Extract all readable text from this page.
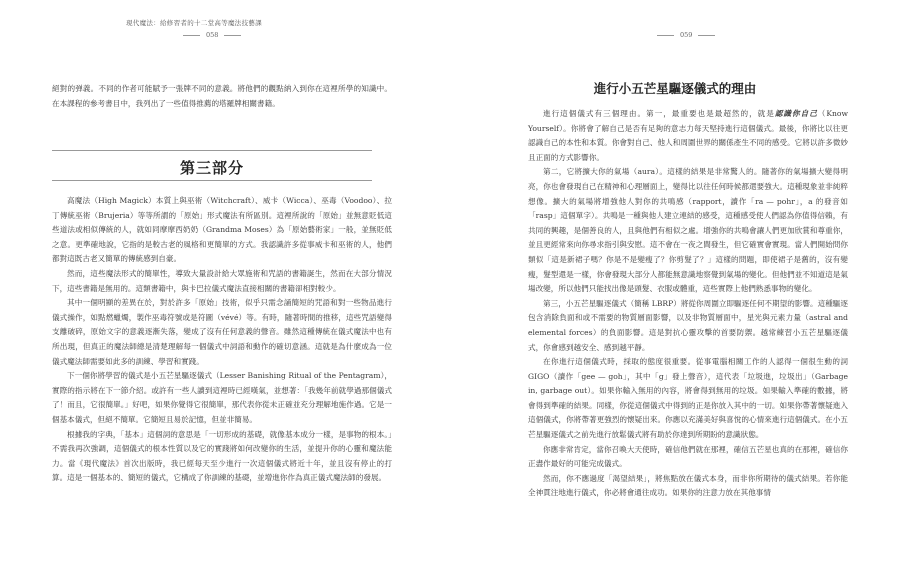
現代魔法：給修習者的十二堂高等魔法技藝課
058

絕對的弹義。不同的作者可能賦予一張牌不同的意義。將他們的觀點納入到你在這裡所學的知識中。在本課程的參考書目中，我列出了一些值得推薦的塔羅牌相關書籍。

第三部分

高魔法（High Magick）本質上與巫術（Witchcraft）、威卡（Wicca）、巫毒（Voodoo）、拉丁傳統巫術（Brujeria）等等所謂的「原始」形式魔法有所區別。這裡所說的「原始」並無意貶低這些道法或相似傳統的人，就如同摩摩西奶奶（Grandma Moses）為「原始藝術家」一般，並無貶低之意。更準確地說，它指的是較古老的風格和更簡單的方式。我認識許多從事威卡和巫術的人，他們都對這既古老又簡單的傳統感到自豪。

然而，這些魔法形式的簡單性，導致大量設計給大眾施術和咒語的書籍誕生，然而在大部分情況下，這些書籍是無用的。這類書籍中，與卡巴拉儀式魔法直接相關的書籍卻相對較少。

其中一個明顯的差異在於，對於許多「原始」技術，似乎只需念誦簡短的咒語和對一些物品進行儀式操作，如點燃蠟燭，製作巫毒符號或是符圖（vévé）等。有時，隨著時間的推移，這些咒語變得支離破碎，原始文字的意義逐漸失落，變成了沒有任何意義的聲音。雖然這種傳統在儀式魔法中也有所出現，但真正的魔法師總是清楚理解每一個儀式中詞語和動作的確切意涵。這就是為什麼成為一位儀式魔法師需要如此多的訓練、學習和實踐。

下一個你將學習的儀式是小五芒星驅逐儀式（Lesser Banishing Ritual of the Pentagram），實際的指示將在下一節介紹。或許有一些人讀到這裡時已經嘆氣，並想著：「我幾年前就學過那個儀式了！而且，它很簡單。」好吧，如果你覺得它很簡單，那代表你從未正確並充分理解地施作過。它是一個基本儀式，但絕不簡單。它簡短且易於記憶，但並非簡易。

根據我的字典，「基本」這個詞的意思是「一切形成的基礎，就像基本成分一樣，是事物的根本。」不需我再次強調，這個儀式的根本性質以及它的實踐將如何改變你的生活，並提升你的心靈和魔法能力。當《現代魔法》首次出版時，我已經每天至少進行一次這個儀式將近十年，並且沒有停止的打算。這是一個基本的、簡短的儀式，它構成了你訓練的基礎，並增進你作為真正儀式魔法師的發展。

059
進行小五芒星驅逐儀式的理由

進行這個儀式有三個理由。第一，最重要也是最超然的，就是認識你自己（Know Yourself）。你將會了解自己是否有足夠的意志力每天堅持進行這個儀式。最後，你將比以往更認識自己的本性和本質。你會對自己、他人和周圍世界的關係產生不同的感受。它將以許多微妙且正面的方式影響你。

第二，它將擴大你的氣場（aura）。這樣的結果是非常驚人的。隨著你的氣場擴大變得明亮，你也會發現自己在精神和心理層面上，變得比以往任何時候都還要強大。這種現象並非純粹想像。擴大的氣場將增強他人對你的共鳴感（rapport，讀作「ra — pohr」，a 的發音如「rasp」這個單字）。共鳴是一種與他人建立連結的感受，這種感受使人們認為你值得信賴，有共同的興趣，是個善良的人，且與他們有相似之處。增強你的共鳴會讓人們更加欣賞和尊重你，並且更經常來向你尋求指引與安慰。這不會在一夜之間發生，但它確實會實現。當人們開始問你類似「這是新裙子嗎？你是不是變瘦了？你剪髮了？」這樣的問題，即使裙子是舊的，沒有變瘦，髮型還是一樣，你會發現大部分人都能無意識地察覺到氣場的變化。但他們並不知道這是氣場改變，所以他們只能找出像是頭髮、衣服或體重，這些實際上他們熟悉事物的變化。

第三，小五芒星驅逐儀式（簡稱 LBRP）將從你周圍立即驅逐任何不期望的影響。這種驅逐包含消除負面和或不需要的物質層面影響，以及非物質層面中，星光與元素力量（astral and elemental forces）的負面影響。這是對抗心靈攻擊的首要防禦。越常練習小五芒星驅逐儀式，你會感到越安全、感到越平靜。

在你進行這個儀式時，採取的態度很重要。從事電腦相關工作的人認得一個很生動的詞 GIGO（讀作「gee — goh」，其中「g」發上聲音），這代表「垃圾進，垃圾出」（Garbage in, garbage out）。如果你輸入無用的內容，將會得到無用的垃圾。如果輸入準確的數據，將會得到準確的結果。同樣，你從這個儀式中得到的正是你放入其中的一切。如果你帶著懷疑進入這個儀式，你將帶著更強烈的懷疑出來。你應以充滿美好與喜悅的心情來進行這個儀式。在小五芒星驅逐儀式之前先進行放鬆儀式將有助於你達到所期盼的意識狀態。

你應非常肯定，當你召喚大天使時，確信他們就在那裡，確信五芒星也真的在那裡，確信你正盡作最好的可能完成儀式。

然而，你不應過度「渴望結果」，將焦點放在儀式本身，而非你所期待的儀式結果。若你能全神貫注地進行儀式，你必將會通往成功。如果你的注意力放在其他事情
